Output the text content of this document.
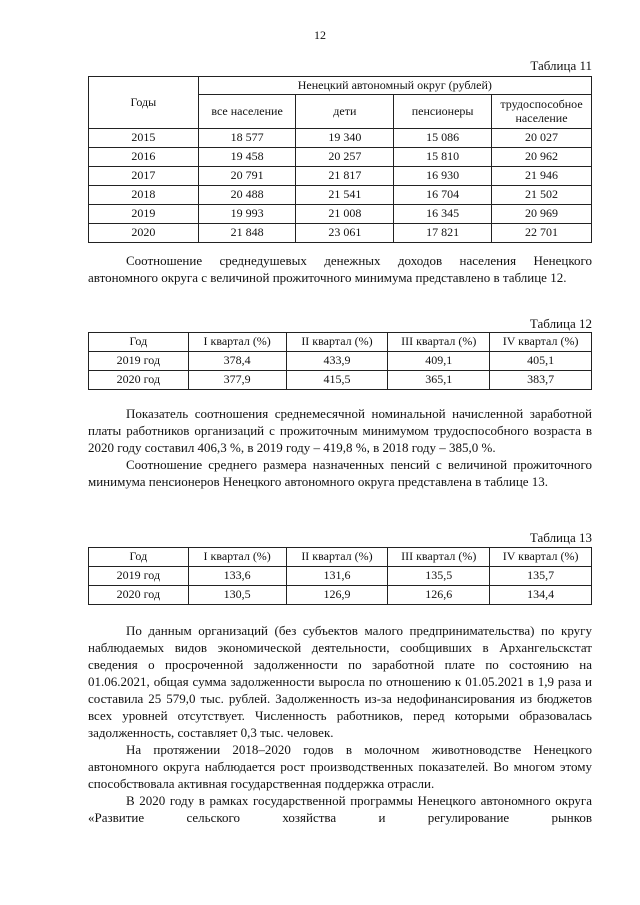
12
Таблица 11
Годы	Ненецкий автономный округ (рублей)			
	все население	дети	пенсионеры	трудоспособное население
2015	18 577	19 340	15 086	20 027
2016	19 458	20 257	15 810	20 962
2017	20 791	21 817	16 930	21 946
2018	20 488	21 541	16 704	21 502
2019	19 993	21 008	16 345	20 969
2020	21 848	23 061	17 821	22 701

Соотношение среднедушевых денежных доходов населения Ненецкого автономного округа с величиной прожиточного минимума представлено в таблице 12.

Таблица 12
Год	I квартал (%)	II квартал (%)	III квартал (%)	IV квартал (%)
2019 год	378,4	433,9	409,1	405,1
2020 год	377,9	415,5	365,1	383,7

Показатель соотношения среднемесячной номинальной начисленной заработной платы работников организаций с прожиточным минимумом трудоспособного возраста в 2020 году составил 406,3 %, в 2019 году – 419,8 %, в 2018 году – 385,0 %.

Соотношение среднего размера назначенных пенсий с величиной прожиточного минимума пенсионеров Ненецкого автономного округа представлена в таблице 13.

Таблица 13
Год	I квартал (%)	II квартал (%)	III квартал (%)	IV квартал (%)
2019 год	133,6	131,6	135,5	135,7
2020 год	130,5	126,9	126,6	134,4

По данным организаций (без субъектов малого предпринимательства) по кругу наблюдаемых видов экономической деятельности, сообщивших в Архангельскстат сведения о просроченной задолженности по заработной плате по состоянию на 01.06.2021, общая сумма задолженности выросла по отношению к 01.05.2021 в 1,9 раза и составила 25 579,0 тыс. рублей. Задолженность из-за недофинансирования из бюджетов всех уровней отсутствует. Численность работников, перед которыми образовалась задолженность, составляет 0,3 тыс. человек.

На протяжении 2018–2020 годов в молочном животноводстве Ненецкого автономного округа наблюдается рост производственных показателей. Во многом этому способствовала активная государственная поддержка отрасли.

В 2020 году в рамках государственной программы Ненецкого автономного округа «Развитие сельского хозяйства и регулирование рынков
